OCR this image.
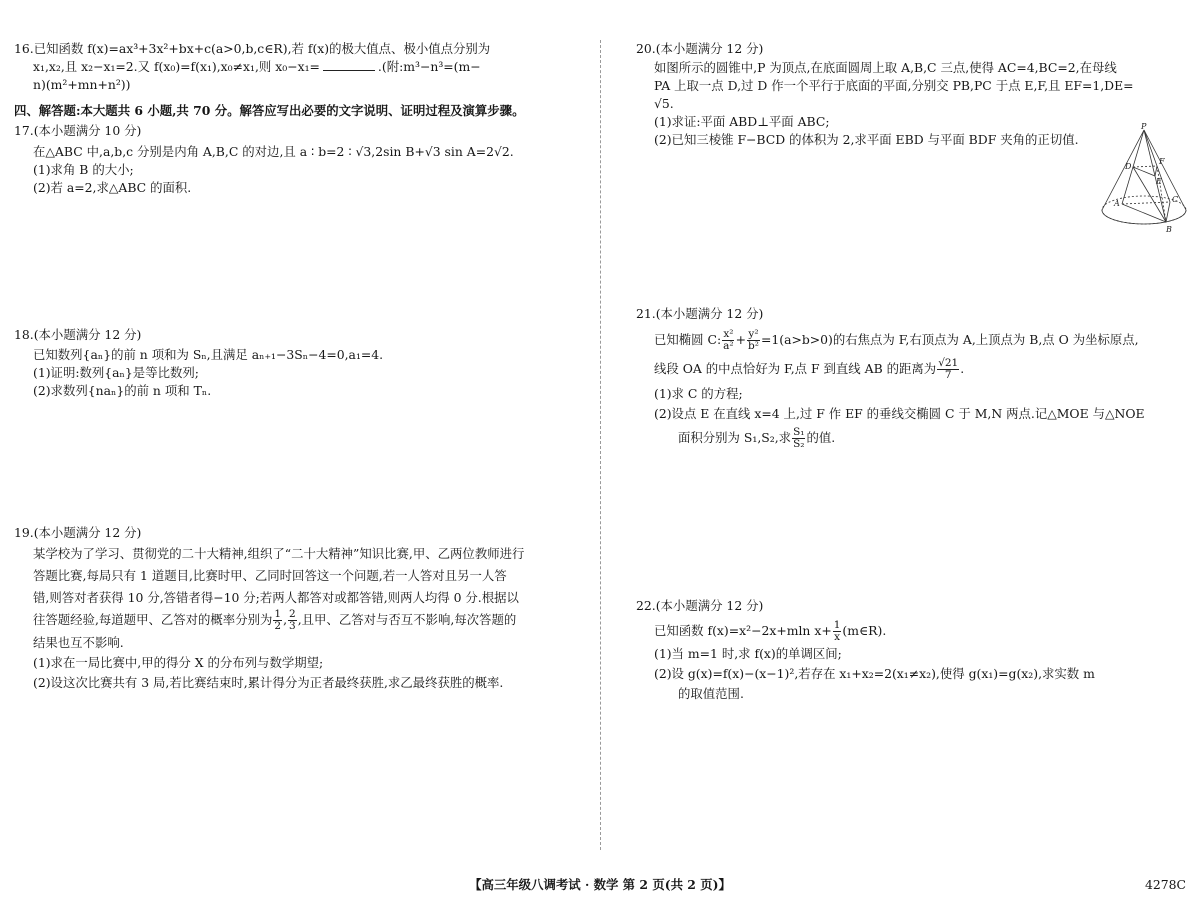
16.已知函数 f(x)=ax³+3x²+bx+c(a>0,b,c∈R),若 f(x)的极大值点、极小值点分别为
x₁,x₂,且 x₂−x₁=2.又 f(x₀)=f(x₁),x₀≠x₁,则 x₀−x₁=	.(附:m³−n³=(m−
n)(m²+mn+n²))
四、解答题:本大题共 6 小题,共 70 分。解答应写出必要的文字说明、证明过程及演算步骤。
17.(本小题满分 10 分)
在△ABC 中,a,b,c 分别是内角 A,B,C 的对边,且 a ∶ b=2 ∶ √3,2sin B+√3 sin A=2√2.
(1)求角 B 的大小;
(2)若 a=2,求△ABC 的面积.
18.(本小题满分 12 分)
已知数列{aₙ}的前 n 项和为 Sₙ,且满足 aₙ₊₁−3Sₙ−4=0,a₁=4.
(1)证明:数列{aₙ}是等比数列;
(2)求数列{naₙ}的前 n 项和 Tₙ.
19.(本小题满分 12 分)
某学校为了学习、贯彻党的二十大精神,组织了“二十大精神”知识比赛,甲、乙两位教师进行
答题比赛,每局只有 1 道题目,比赛时甲、乙同时回答这一个问题,若一人答对且另一人答
错,则答对者获得 10 分,答错者得−10 分;若两人都答对或都答错,则两人均得 0 分.根据以
往答题经验,每道题甲、乙答对的概率分别为 $\frac{1}{2}$ , $\frac{2}{3}$ ,且甲、乙答对与否互不影响,每次答题的
结果也互不影响.
(1)求在一局比赛中,甲的得分 X 的分布列与数学期望;
(2)设这次比赛共有 3 局,若比赛结束时,累计得分为正者最终获胜,求乙最终获胜的概率.
20.(本小题满分 12 分)
如图所示的圆锥中,P 为顶点,在底面圆周上取 A,B,C 三点,使得 AC=4,BC=2,在母线
PA 上取一点 D,过 D 作一个平行于底面的平面,分别交 PB,PC 于点 E,F,且 EF=1,DE=
√5.
(1)求证:平面 ABD⊥平面 ABC;
(2)已知三棱锥 F−BCD 的体积为 2,求平面 EBD 与平面 BDF 夹角的正切值.
21.(本小题满分 12 分)
已知椭圆 C: $\frac{\text{x²}}{\text{a²}} + \frac{\text{y²}}{\text{b²}} =1(a>b>0)$的右焦点为 F,右顶点为 A,上顶点为 B,点 O 为坐标原点,
线段 OA 的中点恰好为 F,点 F 到直线 AB 的距离为 $\frac{√21}{7}$ .
(1)求 C 的方程;
(2)设点 E 在直线 x=4 上,过 F 作 EF 的垂线交椭圆 C 于 M,N 两点.记△MOE 与△NOE
面积分别为 S₁,S₂,求 $\frac{\text{S₁}}{\text{S₂}}$ 的值.
22.(本小题满分 12 分)
已知函数 f(x)=x²−2x+mln $x+ \frac{1}{x}$ (m∈R).
(1)当 m=1 时,求 f(x)的单调区间;
(2)设 g(x)=f(x)−(x−1)²,若存在 x₁+x₂=2(x₁≠x₂),使得 g(x₁)=g(x₂),求实数 m
的取值范围.
P
D
E
F
A	C
B
【高三年级八调考试 · 数学 第 2 页(共 2 页)】	4278C
